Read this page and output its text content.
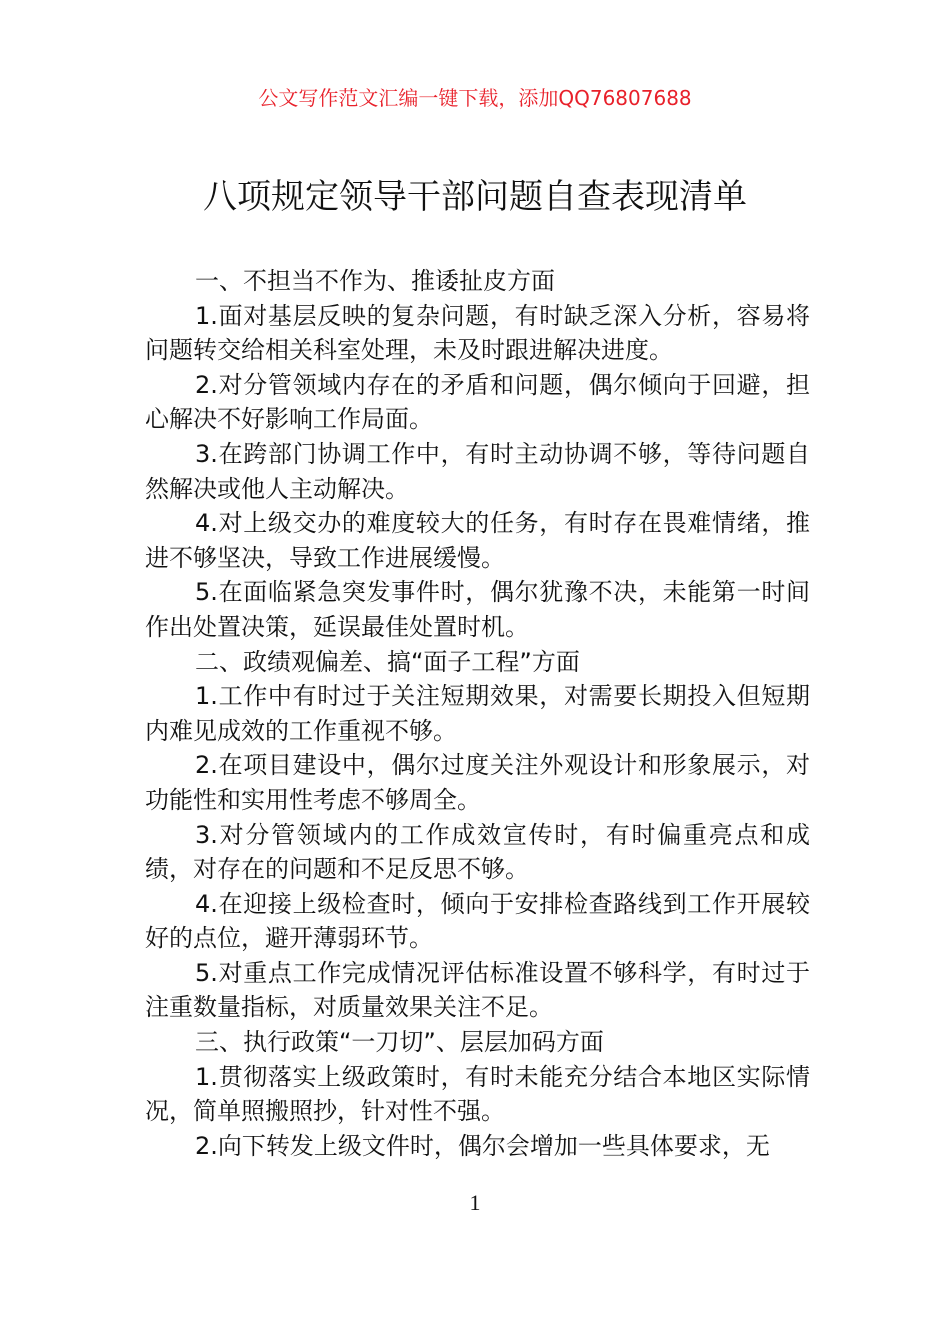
公文写作范文汇编一键下载，添加QQ76807688
八项规定领导干部问题自查表现清单

一、不担当不作为、推诿扯皮方面

1.面对基层反映的复杂问题，有时缺乏深入分析，容易将问题转交给相关科室处理，未及时跟进解决进度。

2.对分管领域内存在的矛盾和问题，偶尔倾向于回避，担心解决不好影响工作局面。

3.在跨部门协调工作中，有时主动协调不够，等待问题自然解决或他人主动解决。

4.对上级交办的难度较大的任务，有时存在畏难情绪，推进不够坚决，导致工作进展缓慢。

5.在面临紧急突发事件时，偶尔犹豫不决，未能第一时间作出处置决策，延误最佳处置时机。

二、政绩观偏差、搞“面子工程”方面

1.工作中有时过于关注短期效果，对需要长期投入但短期内难见成效的工作重视不够。

2.在项目建设中，偶尔过度关注外观设计和形象展示，对功能性和实用性考虑不够周全。

3.对分管领域内的工作成效宣传时，有时偏重亮点和成绩，对存在的问题和不足反思不够。

4.在迎接上级检查时，倾向于安排检查路线到工作开展较好的点位，避开薄弱环节。

5.对重点工作完成情况评估标准设置不够科学，有时过于注重数量指标，对质量效果关注不足。

三、执行政策“一刀切”、层层加码方面

1.贯彻落实上级政策时，有时未能充分结合本地区实际情况，简单照搬照抄，针对性不强。

2.向下转发上级文件时，偶尔会增加一些具体要求，无

1
